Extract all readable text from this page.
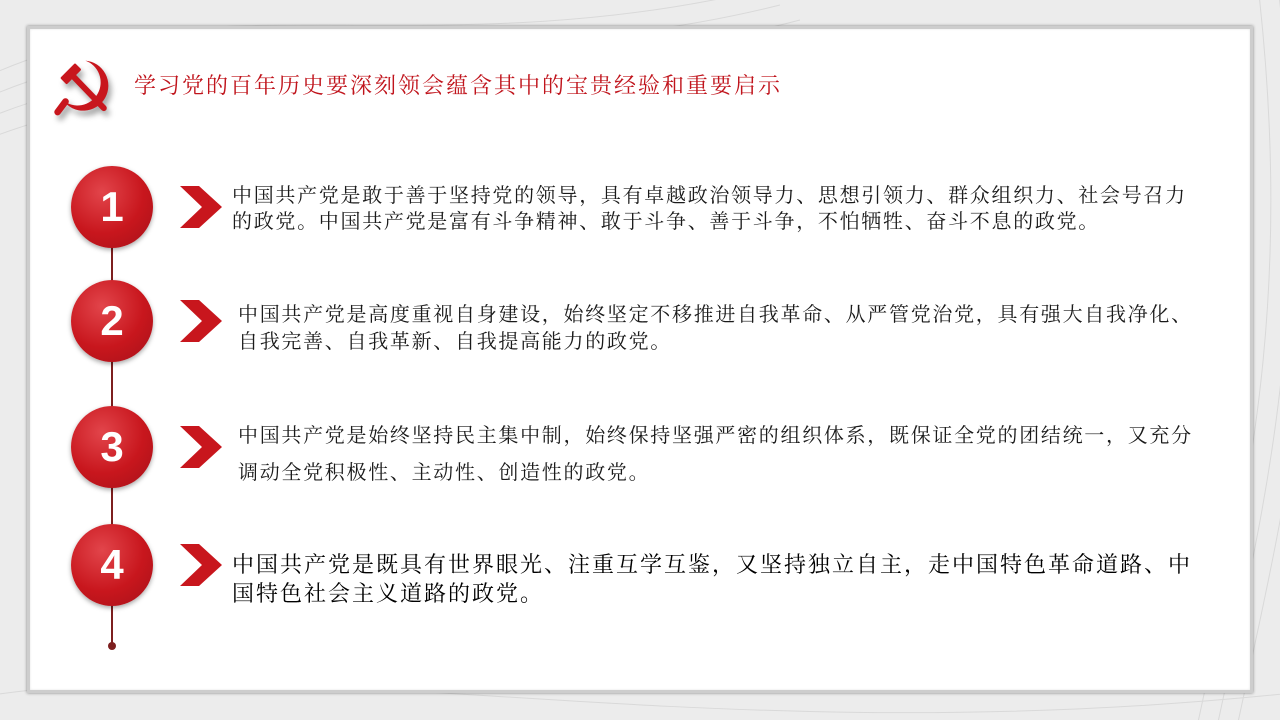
学习党的百年历史要深刻领会蕴含其中的宝贵经验和重要启示
1	中国共产党是敢于善于坚持党的领导，具有卓越政治领导力、思想引领力、群众组织力、社会号召力
的政党。中国共产党是富有斗争精神、敢于斗争、善于斗争，不怕牺牲、奋斗不息的政党。
2	中国共产党是高度重视自身建设，始终坚定不移推进自我革命、从严管党治党，具有强大自我净化、
自我完善、自我革新、自我提高能力的政党。
3	中国共产党是始终坚持民主集中制，始终保持坚强严密的组织体系，既保证全党的团结统一，又充分
调动全党积极性、主动性、创造性的政党。
4	中国共产党是既具有世界眼光、注重互学互鉴，又坚持独立自主，走中国特色革命道路、中
国特色社会主义道路的政党。
